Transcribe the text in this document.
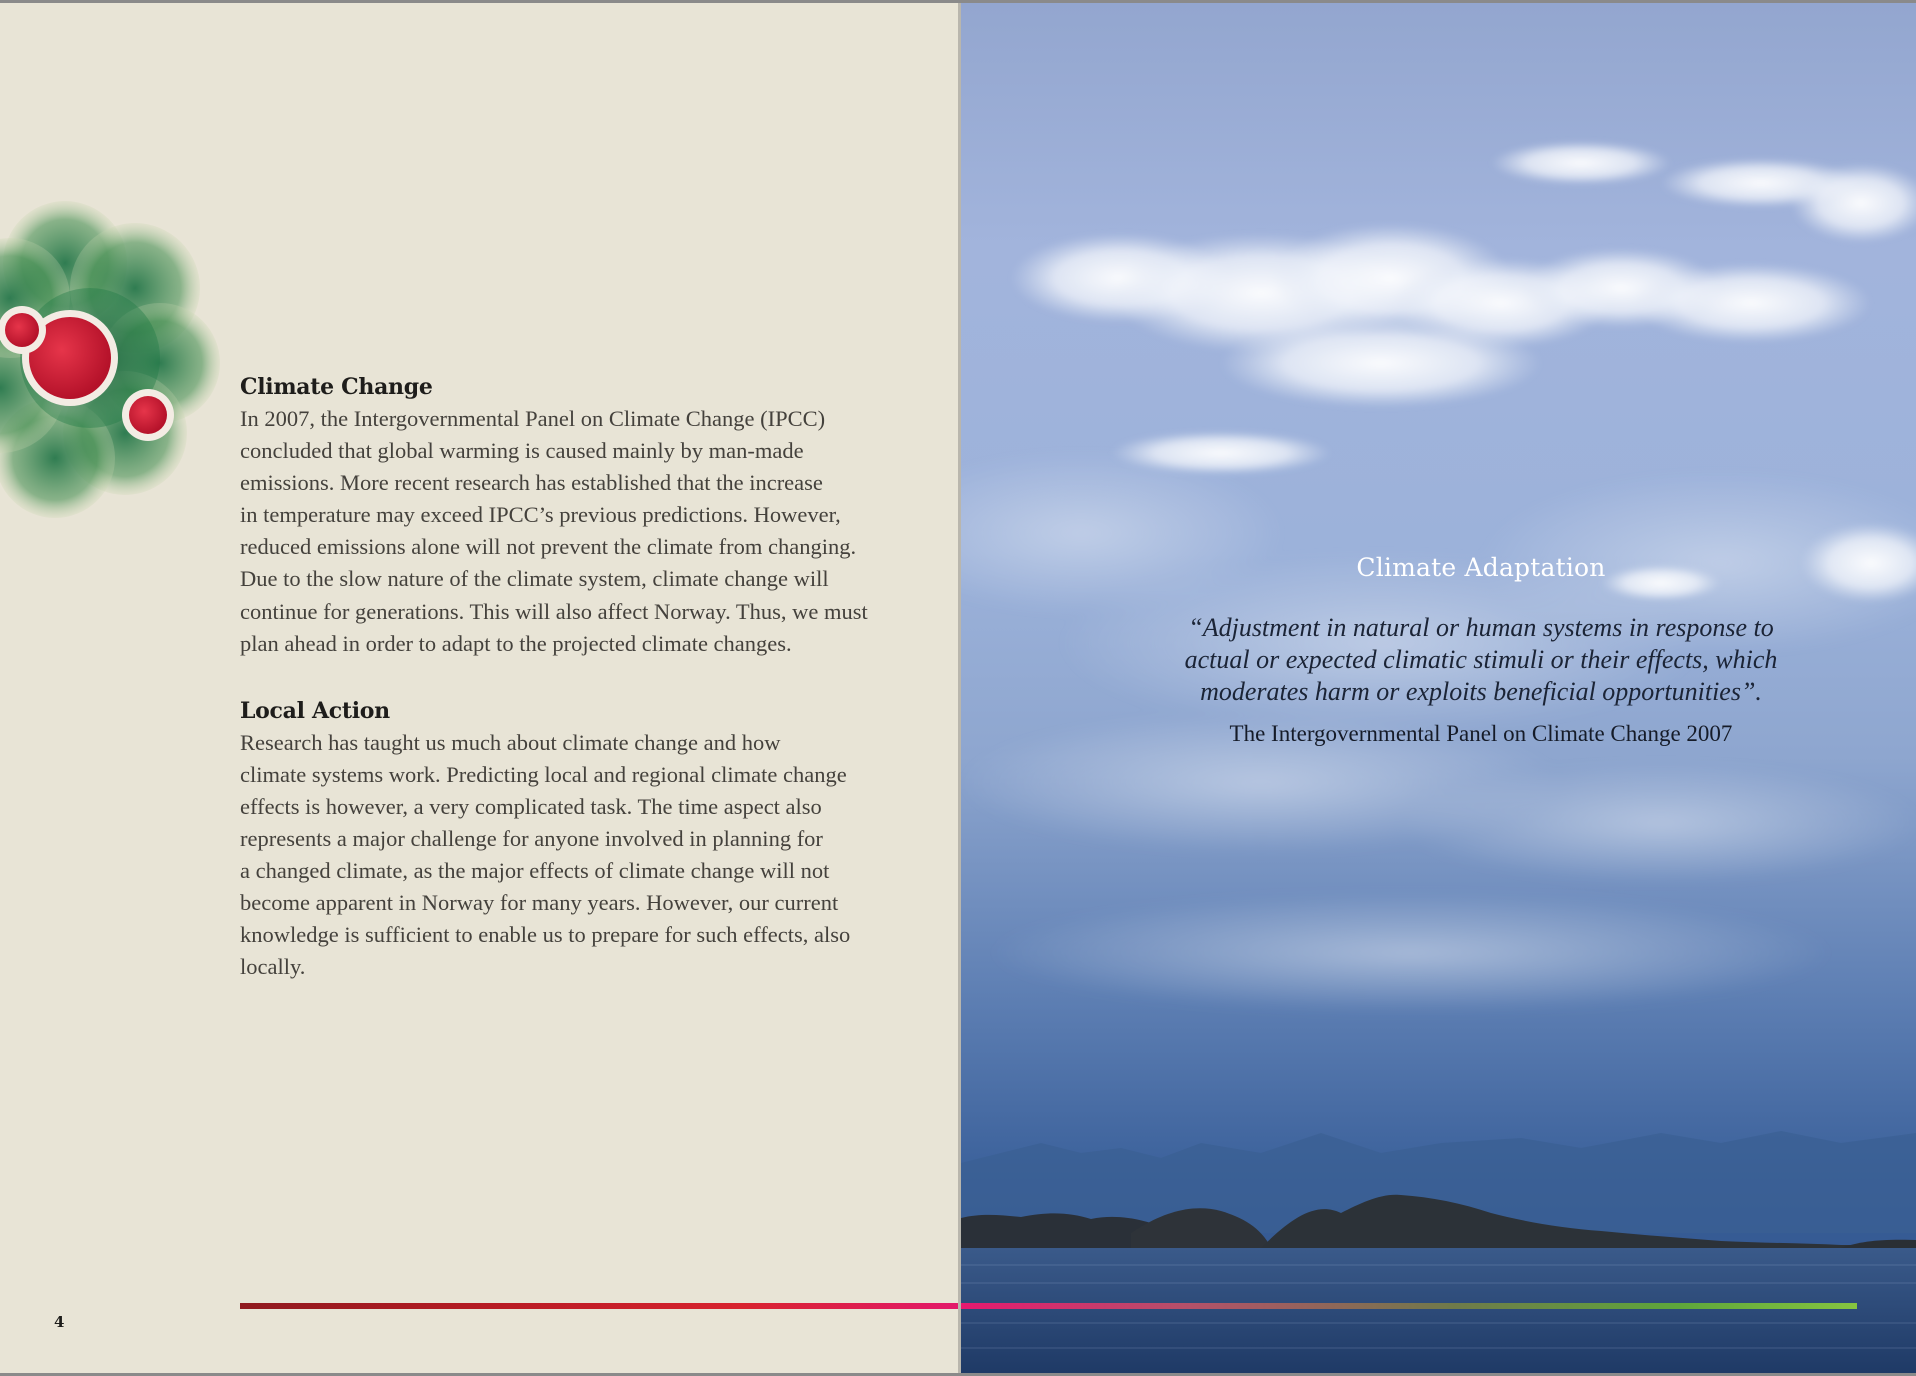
Climate Change

In 2007, the Intergovernmental Panel on Climate Change (IPCC)
concluded that global warming is caused mainly by man-made
emissions. More recent research has established that the increase
in temperature may exceed IPCC’s previous predictions. However,
reduced emissions alone will not prevent the climate from changing.
Due to the slow nature of the climate system, climate change will
continue for generations. This will also affect Norway. Thus, we must
plan ahead in order to adapt to the projected climate changes.

Local Action

Research has taught us much about climate change and how
climate systems work. Predicting local and regional climate change
effects is however, a very complicated task. The time aspect also
represents a major challenge for anyone involved in planning for
a changed climate, as the major effects of climate change will not
become apparent in Norway for many years. However, our current
knowledge is sufficient to enable us to prepare for such effects, also
locally.

4
Climate Adaptation

“Adjustment in natural or human systems in response to
actual or expected climatic stimuli or their effects, which
moderates harm or exploits beneficial opportunities”.

The Intergovernmental Panel on Climate Change 2007
